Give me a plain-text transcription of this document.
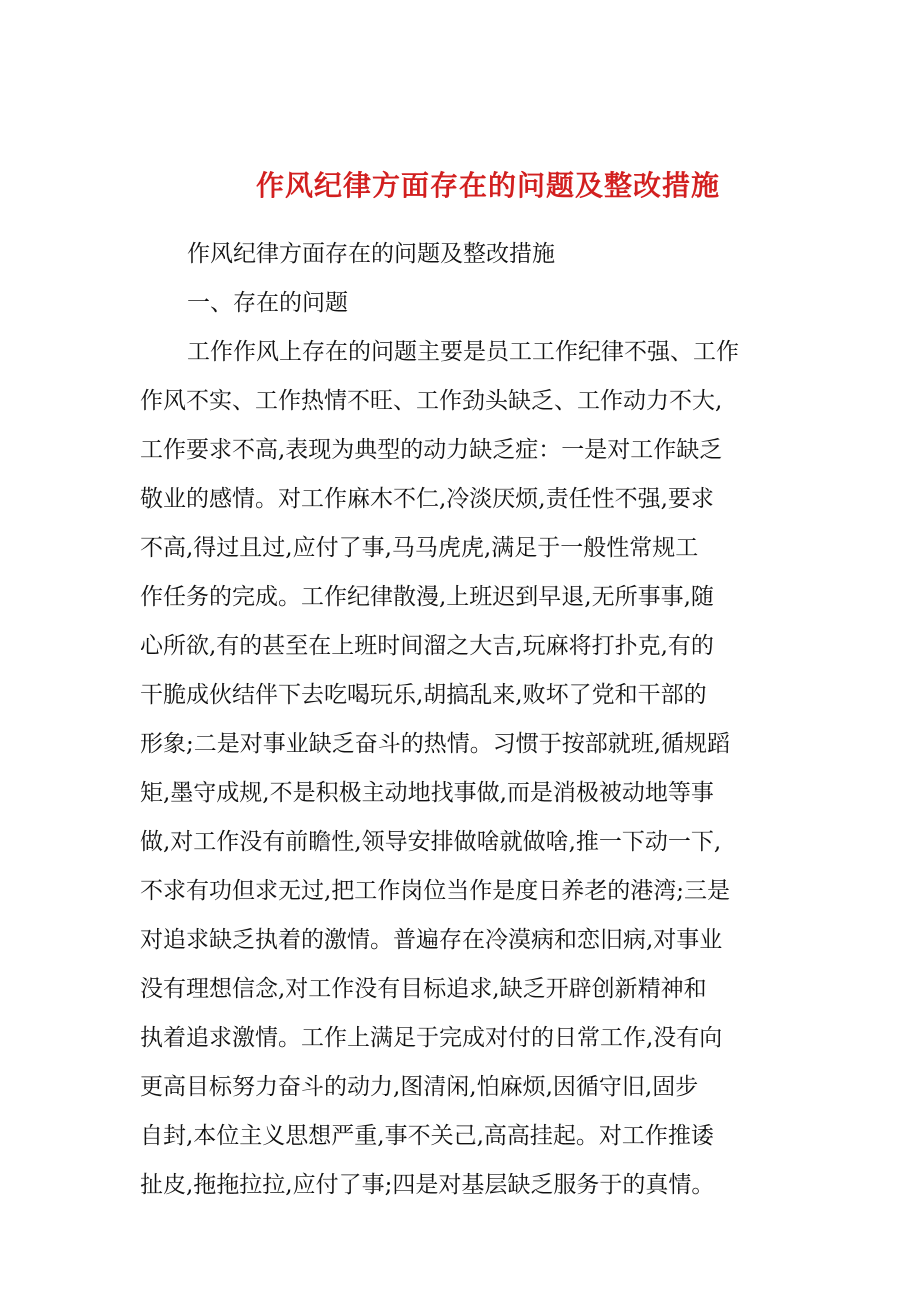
作风纪律方面存在的问题及整改措施
作风纪律方面存在的问题及整改措施
一、存在的问题
工作作风上存在的问题主要是员工工作纪律不强、工作
作风不实、工作热情不旺、工作劲头缺乏、工作动力不大,
工作要求不高,表现为典型的动力缺乏症：一是对工作缺乏
敬业的感情。对工作麻木不仁,冷淡厌烦,责任性不强,要求
不高,得过且过,应付了事,马马虎虎,满足于一般性常规工
作任务的完成。工作纪律散漫,上班迟到早退,无所事事,随
心所欲,有的甚至在上班时间溜之大吉,玩麻将打扑克,有的
干脆成伙结伴下去吃喝玩乐,胡搞乱来,败坏了党和干部的
形象;二是对事业缺乏奋斗的热情。习惯于按部就班,循规蹈
矩,墨守成规,不是积极主动地找事做,而是消极被动地等事
做,对工作没有前瞻性,领导安排做啥就做啥,推一下动一下,
不求有功但求无过,把工作岗位当作是度日养老的港湾;三是
对追求缺乏执着的激情。普遍存在冷漠病和恋旧病,对事业
没有理想信念,对工作没有目标追求,缺乏开辟创新精神和
执着追求激情。工作上满足于完成对付的日常工作,没有向
更高目标努力奋斗的动力,图清闲,怕麻烦,因循守旧,固步
自封,本位主义思想严重,事不关己,高高挂起。对工作推诿
扯皮,拖拖拉拉,应付了事;四是对基层缺乏服务于的真情。
